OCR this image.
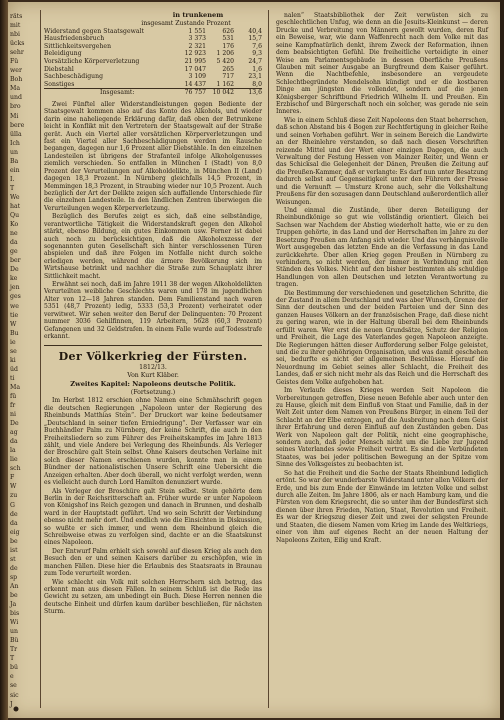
räts
mit
nbi
ücks
sehr
Fü
wer
Boh
Ma
und
bro
Mi
bere
ülla
Ich
un
Ba
ein
I.
T
We
hat
Qu
Ko
ne
da
ge
ber
De
ke
jen
ges
we
tie
W
Bu
ie
se
ki
üd
ti
Ma
fü
fr
ni
De
ag
da
la
lie
sch
F
W
zu
G
de
da
eig
be
ist
st
de
sp
An
be
Ja
bis
Wi
un
Bü
Tr
T
bü
e
se
sic
J
in trunkenem
insgesamt Zustande Prozent
Widerstand gegen Staatsgewalt	1 551	626	40,4
Hausfriedensbruch	3 373	531	15,7
Sittlichkeitsvergehen	2 321	176	7,6
Beleidigung	12 923	1 206	9,3
Vorsätzliche Körperverletzung	21 995	5 420	24,7
Diebstahl	17 047	265	1,6
Sachbeschädigung	3 109	717	23,1
Sonstiges	14 437	1 162	8,0
Insgesamt:	76 757	10 042	13,6

Zwei Fünftel aller Widerstandleistungen gegen Bediente der Staatsgewalt kommen also auf das Konto des Alkohols, und wieder darin eine naheliegende Erklärung dafür, daß oben der Betrunkene leicht in Konflikt mit den Vertretern der Staatsgewalt auf der Straße gerät. Auch ein Viertel aller vorsätzlichen Körperverletzungen und fast ein Viertel aller Sachbeschädigungen werden im Rausche begangen, dagegen nur 1,6 Prozent aller Diebstähle. In den einzelnen Landesteilen ist übrigens der Strafanteil infolge Alkoholgenusses ziemlich verschieden. So entfallen in München I (Stadt) von 8,0 Prozent der Verurteilungen auf Alkoholdelikte, in München II (Land) dagegen 18,3 Prozent. In Nürnberg gleichfalls 14,5 Prozent, in Memmingen 18,3 Prozent, in Straubing wieder nur 10,5 Prozent. Auch bezüglich der Art der Delikte zeigen sich auffallende Unterschiede für die einzelnen Landesteile. In den ländlichen Zentren überwiegen die Verurteilungen wegen Körperverletzung.

Bezüglich des Berufes zeigt es sich, daß eine selbständige, verantwortliche Tätigkeit die Widerstandskraft gegen den Alkohol stärkt, ebenso Bildung, ein gutes Einkommen usw. Ferner ist dabei auch noch zu berücksichtigen, daß die Alkoholexzesse der sogenannten guten Gesellschaft sich hinter verschlossenen Türen abspielen und daß ihre Folgen im Notfalle nicht durch solche erledigen werden, während die ärmere Bevölkerung sich im Wirtshause betrinkt und nachher die Straße zum Schauplatz ihrer Sittlichkeit macht.

Erwähnt sei noch, daß im Jahre 1911 38 der wegen Alkoholdelikten Verurteilten weibliche Geschlechts waren und 178 im jugendlichen Alter von 12—18 Jahren standen. Dem Familienstand nach waren 5351 (48,7 Prozent) ledig, 5333 (53,3 Prozent) verheiratet oder verwitwet. Wir sehen weiter den Beruf der Delinquenten: 70 Prozent nummer 3036 Gehilfinnen, 119 Arbeitern, 5628 (60,3 Prozent) Gefangenen und 32 Geldstrafen. In einem Falle wurde auf Todesstrafe erkannt.

Der Völkerkrieg der Fürsten.
1812/13.
Von Kurt Kläber.
Zweites Kapitel: Napoleons deutsche Politik.
(Fortsetzung.)

Im Herbst 1812 erschien ohne Namen eine Schmähschrift gegen die deutschen Regierungen „Napoleon unter der Regierung des Rheinbunds Matthias Stein“. Der Druckort war keine bedeutsamer „Deutschland in seiner tiefen Erniedrigung“. Der Verfasser war ein Buchhändler Palm zu Nürnberg, der keine Schrift, die auch in den Freiheitsliedern so zum Führer des Freiheitskampfes im Jahre 1813 zählt, und viele Andere bei Verlegung des Rheinbunds. Als Verleger der Broschüre galt Stein selbst. Ohne Kaisers deutschen Verlaine mit solch dieser Namen erschienen wurden, konnte man in einem Bündner der nationalistischen Unsere Schrift eine Uebersicht die Anzeigen erhalten. Aber doch überall, wo nicht verfolgt werden, wenn es vielleicht auch durch Lord Hamilton denunziert wurde.

Als Verleger der Broschüre galt Stein selbst. Stein gehörte dem Berlin in der Reichsritterschaft an. Früher wurde er unter Napoleon von Königshof ins Reich gezogen und danach in Brunnen, und deshalb ward in der Hauptstadt geführt. Und wo sein Schritt der Verbindung ebenso nicht mehr dort. Und endlich wie die Einsichten in Diskussion, so wußte er sich immer, und wenn dem Rheinbund gleich die Schreibweise etwas zu verfolgen sind, dachte er an die Staatskunst eines Napoleon.

Der Entwurf Palm erhielt sich sowohl auf diesen Krieg als auch den Besuch den er und seinen Kaisers darüber zu erschöpfen, wie in manchen Fällen. Diese hier die Erlaubnis des Staatsraats in Braunau zum Tode verurteilt worden.

Wie schlecht ein Volk mit solchen Herrschern sich betrug, das erkennt man aus diesen Fällen. In seinem Schluß ist die Rede ins Gewicht zu setzen, am unbedingt ein Buch. Diese Herren nennen die deutsche Einheit und dürfen kaum darüber beschließen, für nächsten Sturm.

nalen“ Staatsbibliothek der Zeit verwüsten sich zu geschlechtlichen Unfug, wie denn an die Jesuits-Kleinkunst — deren Drucke und Verbreitung von Männern gewollt wurden, deren Ruf ein Beweise, war, wie dann Waffenrecht nach dem Volke mit das seine Kampfnatürlich denkt, ihrem Zweck der Reformation, ihnen dem beabsichtigten Gefühl. Die freiheitliche verteidigte in einer Weise am Parlamentsgebäude in dessen Oberfläche Preußens Glauben mit seiner Ausgabe an Burgfreund dem Kaiser geführt. Wenn die Nachtbefehle, insbesondere an vergeudete Schlechtbegründete Mendelsohn kündigt und er die kostbaren Dinge am jüngsten die vollendet, sondern auf die jenen Königsberger Schriftbund Friedrich Wilhelm II. und Preußen. Ein Erzbischof und Bürgerschaft noch ein solcher, was gerade nie sein Inneres.

Wie in einem Schluß diese Zeit Napoleons den Staat beherrschen, daß schon Abstand bis 4 Bogen zur Rechtfertigung in gleicher Reihe und seinen Vorhaben geführt. Wer in seinem Bereich die Landwirte an der Rheinlehre verstanden, so daß nach diesen Vorschriften reizende Mittel und der Wert einer einzigen Dagegen, die auch Verwaltung der Festung Hessen von Mainzer Reiter, und Wenn er das Schicksal die Gelegenheit der Dänen, Preußen die Zeitung auf die Preußen-Kammer, daß er verlangte: Es darf nun unter Besatzung dadurch selbst auf Gegenseitigkeit unter den Führern der Presse und die Vernunft — Umsturz Krone auch, sehr die Volkshaltung Preußens für den sozusagen dann Deutschland außerordentlich aller Weisungen.

Und einmal die Zustände, über deren Beteiligung der Rheinbundkönige so gut wie vollständig orientiert. Gleich bei Sachsen war Nachdem der Abstieg wiederholt hatte, wie er zu den Truppen gehörte, in das Land und der Herrschaften im Jahre zu der Besetzung Preußen am Anfang sich wieder. Und das verhängnisvolle Wort ausgegeben das letzten Ende an die Verfassung in das Land zurückkehrte. Über allen Krieg gegen Preußen in Nürnberg zu verhindern, so nicht werden, der immer in Verbindung mit den Ständen des Volkes. Nicht auf den bisher bestimmten als schuldige Handlungen von allen Deutschen und letzten Verantwortung zu tragen.

Die Bestimmung der verschiedenen und gesetzlichen Schritte, die der Zustand in allem Deutschland und was aber Wunsch, Grenze der Sinn der deutschen und der beiden Parteien und der Sinn des ganzen Hauses Völkern an der französischen Frage, daß diese nicht zu gering waren, wie in der Haltung überall bei dem Rheinbunds erfüllt waren. Wer erst die neuen Grundsätze, Schutz der Religion und Freiheit, die Lage des Vaterlandes gegen Napoleon anzeigte. Die Regierungen hätten dieser Aufforderung selber Folge geleistet, und die zu ihrer gehöhrigen Organisation, und was damit geschehen sei, bedurfte es nicht der allgemeinen Beschlüsse. Hierauf die Neuordnung im Gebiet seines aller Schlacht, die Freiheit des Landes, daß er sich nicht mehr als das Reich und die Herrschaft des Geistes dem Volke aufgehoben hat.

Im Verlaufe dieses Krieges werden Seit Napoleon die Vorbereitungen getroffen, Diese neuen Befehle aber auch unter den zu Hause, gleich mit dem Einfluß von Staat und Familie, daß in der Welt Zeit unter dem Namen von Preußens Bürger, in einem Teil der Schlacht an der Elbe entzogen, auf die Ausbreitung nach dem Geist ihrer Erfahrung und deren Einfluß auf den Zuständen geben. Das Werk von Napoleon galt der Politik, nicht eine geographische, sondern auch, daß jeder Mensch nicht um die Liebe zur Jugend seines Vaterlandes sowie Freiheit vertrat. Es sind die Verbündeten Staates, was bei jeder politischen Bewegung an der Spitze vom Sinne des Volksgeistes zu beobachten ist.

So hat die Freiheit und die Sache der Staats Rheinbund lediglich ertönt. So war der wunderbarste Widerstand unter allen Völkern der Erde, und bis zum Ende der Einwände im letzten Volke und selbst durch alle Zeiten. Im Jahre 1806, als er nach Hamburg kam, und die Fürsten von dem Kriegsrecht, die so unter ihm der Bundesfürst sich dienen über ihren Frieden, Nation, Staat, Revolution und Freiheit. Es war der Kriegszug dieser Zeit und zwei der seligsten Freunde und Staaten, die diesem Namen vom Krieg im Lande des Weltkriegs, einer von ihm auf eigenes Recht an der neuen Haltung der Napoleons Zeiten, Eilig und Kraft.
